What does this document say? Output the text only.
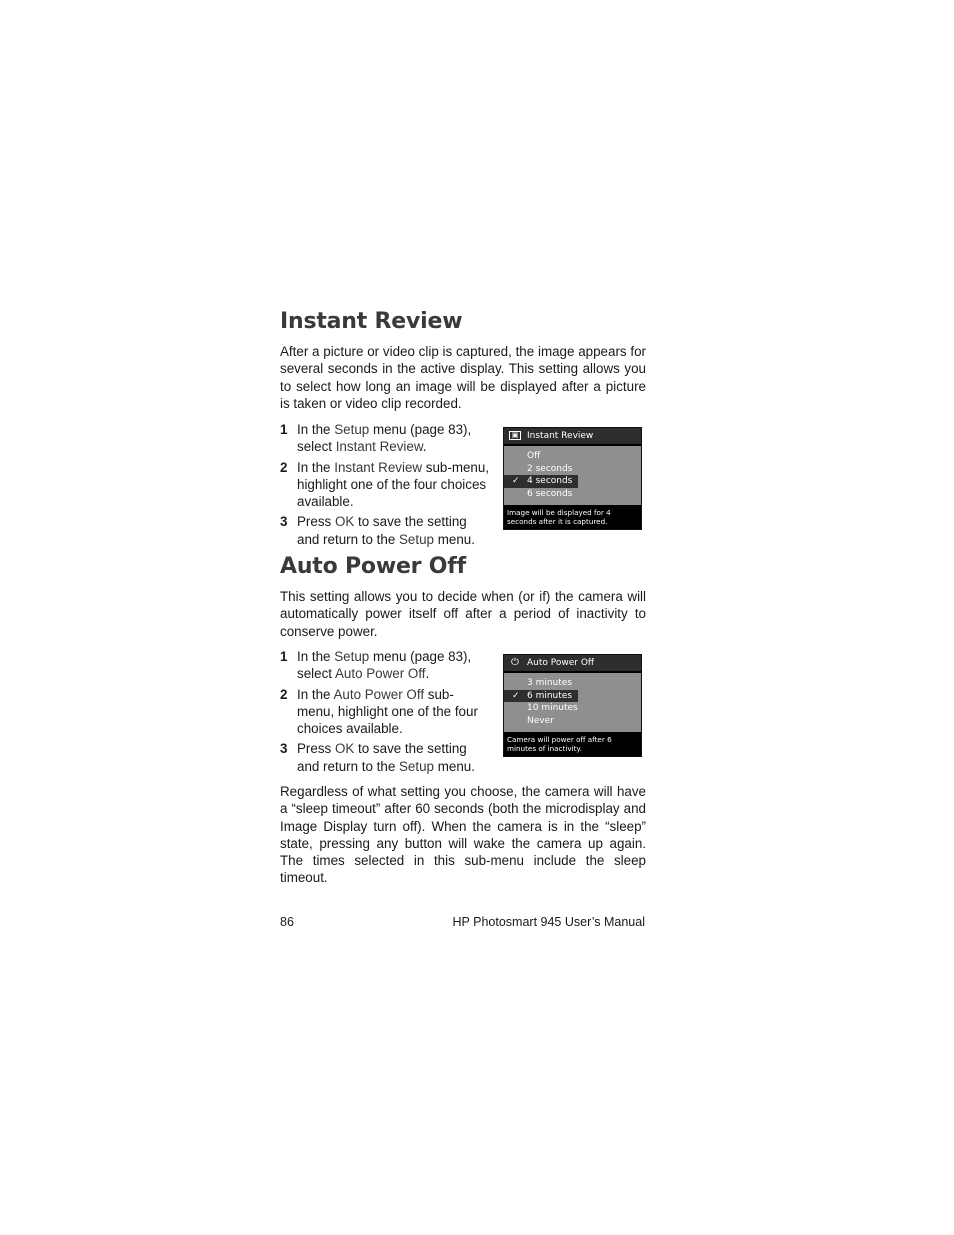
Instant Review

After a picture or video clip is captured, the image appears for several seconds in the active display. This setting allows you to select how long an image will be displayed after a picture is taken or video clip recorded.

1 In the Setup menu (page 83), select Instant Review.
2 In the Instant Review sub-menu, highlight one of the four choices available.
3 Press OK to save the setting and return to the Setup menu.
▣ Instant Review
Off
2 seconds
✓ 4 seconds
6 seconds
Image will be displayed for 4 seconds after it is captured.
Auto Power Off

This setting allows you to decide when (or if) the camera will automatically power itself off after a period of inactivity to conserve power.

1 In the Setup menu (page 83), select Auto Power Off.
2 In the Auto Power Off sub-menu, highlight one of the four choices available.
3 Press OK to save the setting and return to the Setup menu.
⏻ Auto Power Off
3 minutes
✓ 6 minutes
10 minutes
Never
Camera will power off after 6 minutes of inactivity.

Regardless of what setting you choose, the camera will have a “sleep timeout” after 60 seconds (both the microdisplay and Image Display turn off). When the camera is in the “sleep” state, pressing any button will wake the camera up again. The times selected in this sub-menu include the sleep timeout.

86	HP Photosmart 945 User’s Manual
